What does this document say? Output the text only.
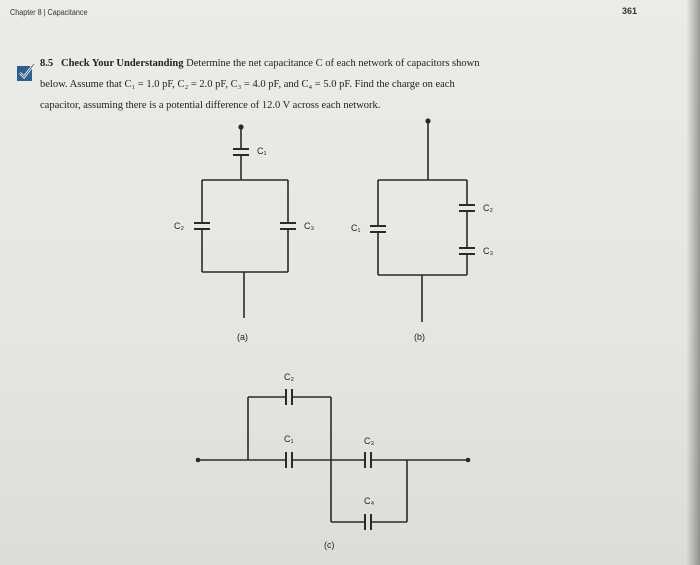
Chapter 8 | Capacitance	361
8.5 Check Your Understanding Determine the net capacitance C of each network of capacitors shown
below. Assume that C₁ = 1.0 pF, C₂ = 2.0 pF, C₃ = 4.0 pF, and C₄ = 5.0 pF. Find the charge on each
capacitor, assuming there is a potential difference of 12.0 V across each network.
C₁
C₂	C₃
(a)
C₁
C₂
C₃
(b)
C₂
C₁	C₃
C₄
(c)
